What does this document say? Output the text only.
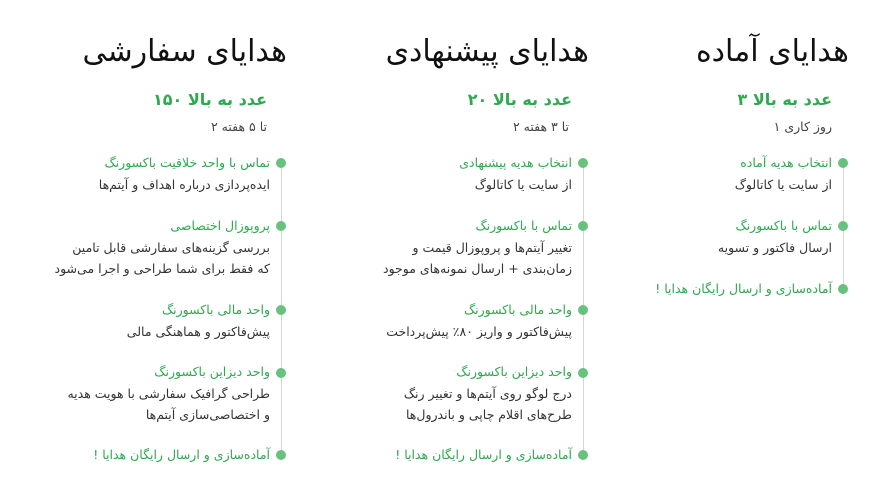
هدایای آماده
۳ عدد به بالا
۱ روز کاری
انتخاب هدیه آماده
از سایت یا کاتالوگ
تماس با باکسورنگ
ارسال فاکتور و تسویه
آماده‌سازی و ارسال رایگان هدایا !
هدایای پیشنهادی
۲۰ عدد به بالا
۲ تا ۳ هفته
انتخاب هدیه پیشنهادی
از سایت یا کاتالوگ
تماس با باکسورنگ
تغییر آیتم‌ها و پروپوزال قیمت و
زمان‌بندی + ارسال نمونه‌های موجود
واحد مالی باکسورنگ
پیش‌فاکتور و واریز ۸۰٪ پیش‌پرداخت
واحد دیزاین باکسورنگ
درج لوگو روی آیتم‌ها و تغییر رنگ
طرح‌های اقلام چاپی و باندرول‌ها
آماده‌سازی و ارسال رایگان هدایا !
هدایای سفارشی
۱۵۰ عدد به بالا
۲ تا ۵ هفته
تماس با واحد خلاقیت باکسورنگ
ایده‌پردازی درباره اهداف و آیتم‌ها
پروپوزال اختصاصی
بررسی گزینه‌های سفارشی قابل تامین
که فقط برای شما طراحی و اجرا می‌شود
واحد مالی باکسورنگ
پیش‌فاکتور و هماهنگی مالی
واحد دیزاین باکسورنگ
طراحی گرافیک سفارشی با هویت هدیه
و اختصاصی‌سازی آیتم‌ها
آماده‌سازی و ارسال رایگان هدایا !
